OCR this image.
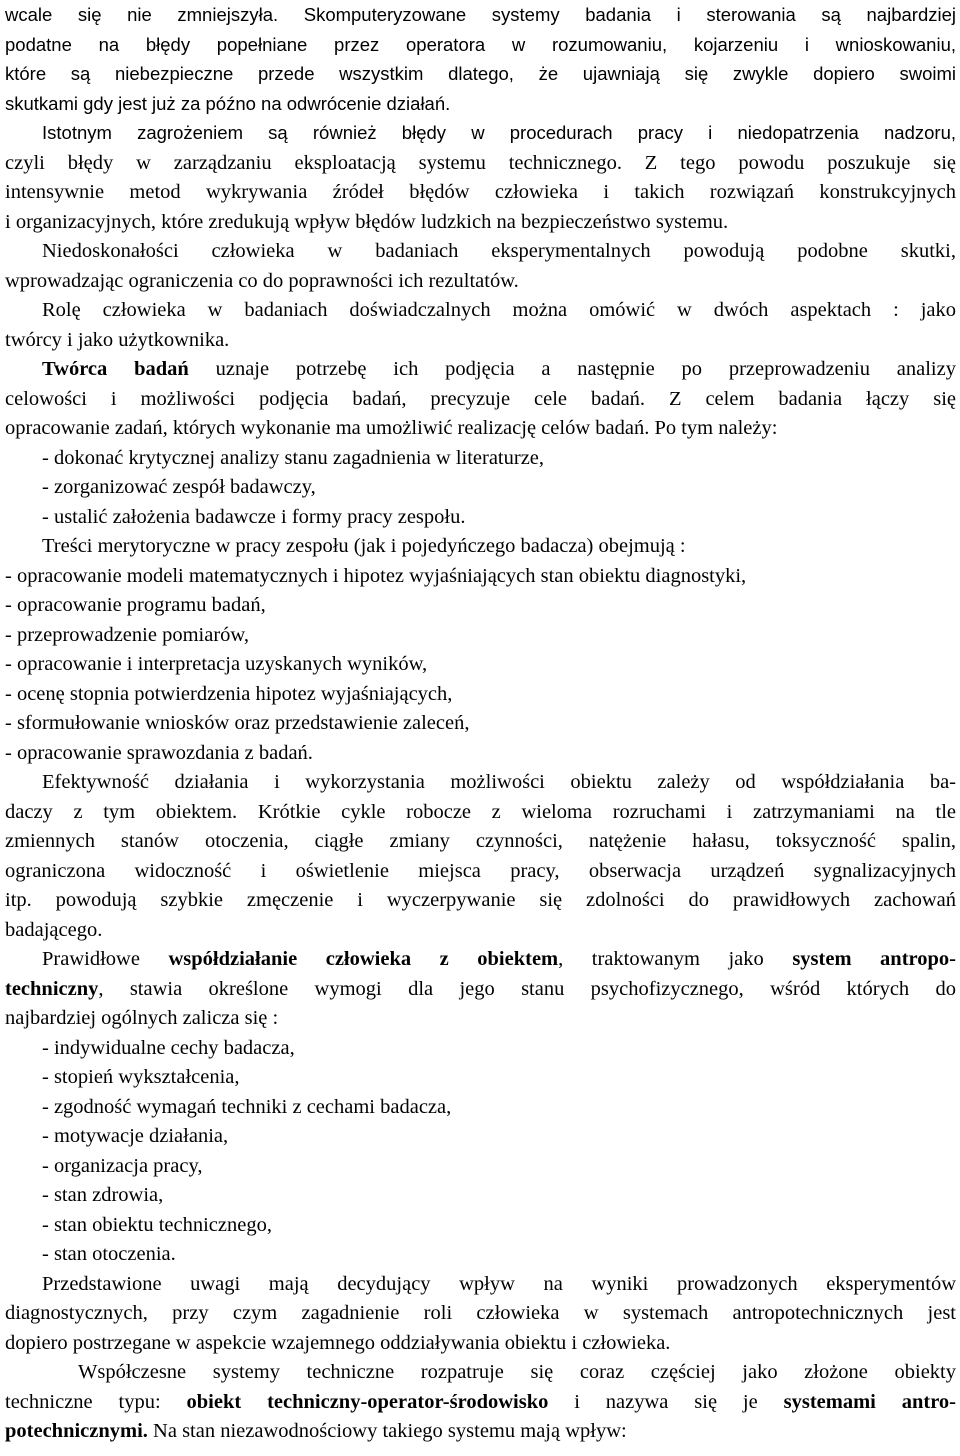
wcale się nie zmniejszyła. Skomputeryzowane systemy badania i sterowania są najbardziej
podatne na błędy popełniane przez operatora w rozumowaniu, kojarzeniu i wnioskowaniu,
które są niebezpieczne przede wszystkim dlatego, że ujawniają się zwykle dopiero swoimi
skutkami gdy jest już za późno na odwrócenie działań.
Istotnym zagrożeniem są również błędy w procedurach pracy i niedopatrzenia nadzoru,
czyli błędy w zarządzaniu eksploatacją systemu technicznego. Z tego powodu poszukuje się
intensywnie metod wykrywania źródeł błędów człowieka i takich rozwiązań konstrukcyjnych
i organizacyjnych, które zredukują wpływ błędów ludzkich na bezpieczeństwo systemu.
Niedoskonałości człowieka w badaniach eksperymentalnych powodują podobne skutki,
wprowadzając ograniczenia co do poprawności ich rezultatów.
Rolę człowieka w badaniach doświadczalnych można omówić w dwóch aspektach : jako
twórcy i jako użytkownika.
Twórca badań uznaje potrzebę ich podjęcia a następnie po przeprowadzeniu analizy
celowości i możliwości podjęcia badań, precyzuje cele badań. Z celem badania łączy się
opracowanie zadań, których wykonanie ma umożliwić realizację celów badań. Po tym należy:
- dokonać krytycznej analizy stanu zagadnienia w literaturze,
- zorganizować zespół badawczy,
- ustalić założenia badawcze i formy pracy zespołu.
Treści merytoryczne w pracy zespołu (jak i pojedyńczego badacza) obejmują :
- opracowanie modeli matematycznych i hipotez wyjaśniających stan obiektu diagnostyki,
- opracowanie programu badań,
- przeprowadzenie pomiarów,
- opracowanie i interpretacja uzyskanych wyników,
- ocenę stopnia potwierdzenia hipotez wyjaśniających,
- sformułowanie wniosków oraz przedstawienie zaleceń,
- opracowanie sprawozdania z badań.
Efektywność działania i wykorzystania możliwości obiektu zależy od współdziałania ba-
daczy z tym obiektem. Krótkie cykle robocze z wieloma rozruchami i zatrzymaniami na tle
zmiennych stanów otoczenia, ciągłe zmiany czynności, natężenie hałasu, toksyczność spalin,
ograniczona widoczność i oświetlenie miejsca pracy, obserwacja urządzeń sygnalizacyjnych
itp. powodują szybkie zmęczenie i wyczerpywanie się zdolności do prawidłowych zachowań
badającego.
Prawidłowe współdziałanie człowieka z obiektem, traktowanym jako system antropo-
techniczny, stawia określone wymogi dla jego stanu psychofizycznego, wśród których do
najbardziej ogólnych zalicza się :
- indywidualne cechy badacza,
- stopień wykształcenia,
- zgodność wymagań techniki z cechami badacza,
- motywacje działania,
- organizacja pracy,
- stan zdrowia,
- stan obiektu technicznego,
- stan otoczenia.
Przedstawione uwagi mają decydujący wpływ na wyniki prowadzonych eksperymentów
diagnostycznych, przy czym zagadnienie roli człowieka w systemach antropotechnicznych jest
dopiero postrzegane w aspekcie wzajemnego oddziaływania obiektu i człowieka.
Współczesne systemy techniczne rozpatruje się coraz częściej jako złożone obiekty
techniczne typu: obiekt techniczny-operator-środowisko i nazywa się je systemami antro-
potechnicznymi. Na stan niezawodnościowy takiego systemu mają wpływ:
